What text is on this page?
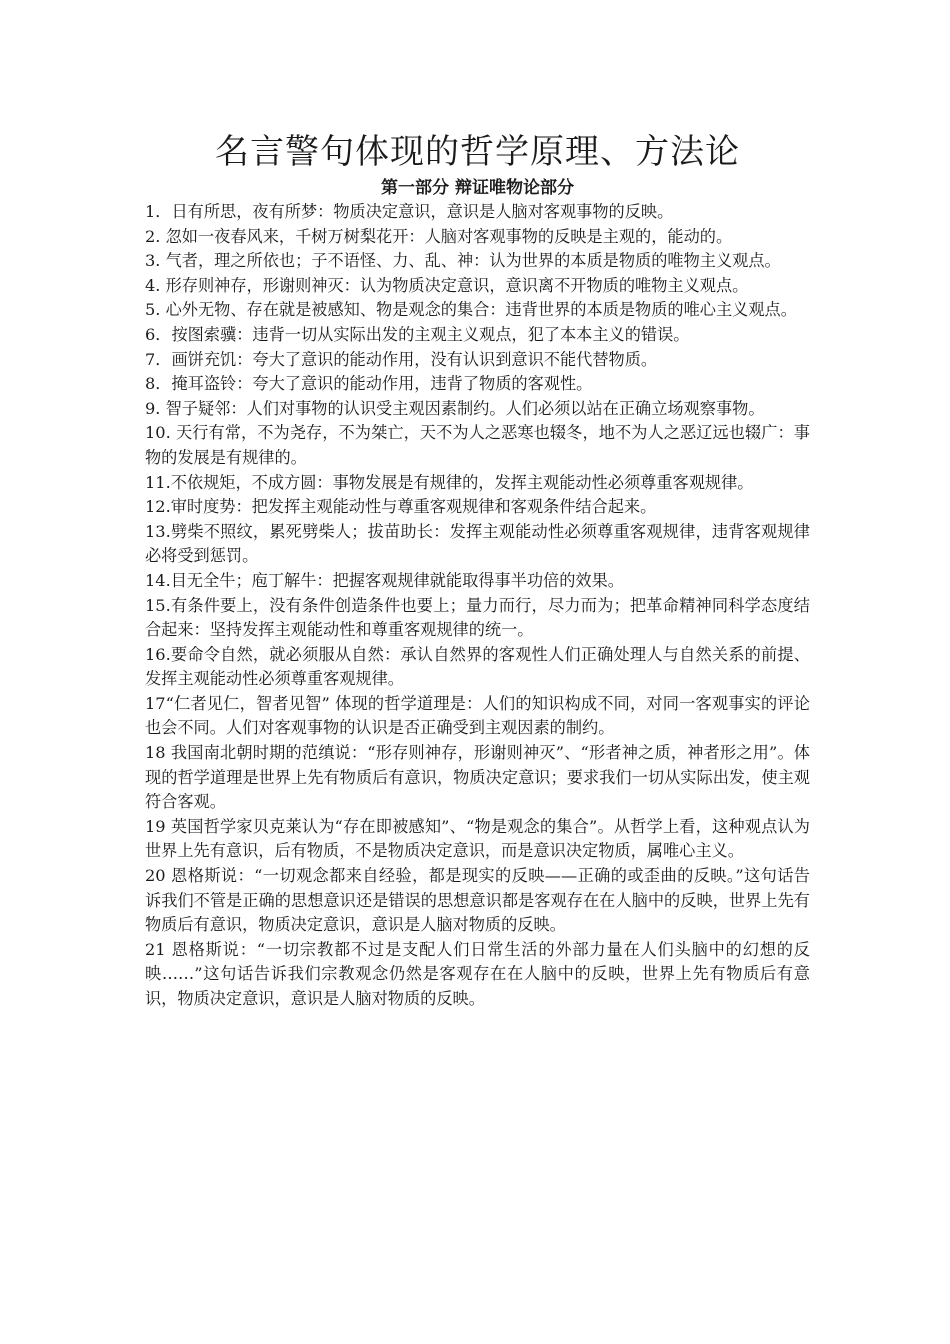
名言警句体现的哲学原理、方法论
第一部分 辩证唯物论部分

1．日有所思，夜有所梦：物质决定意识，意识是人脑对客观事物的反映。

2. 忽如一夜春风来，千树万树梨花开：人脑对客观事物的反映是主观的，能动的。

3. 气者，理之所依也；子不语怪、力、乱、神：认为世界的本质是物质的唯物主义观点。

4. 形存则神存，形谢则神灭：认为物质决定意识，意识离不开物质的唯物主义观点。

5. 心外无物、存在就是被感知、物是观念的集合：违背世界的本质是物质的唯心主义观点。

6．按图索骥：违背一切从实际出发的主观主义观点，犯了本本主义的错误。

7．画饼充饥：夸大了意识的能动作用，没有认识到意识不能代替物质。

8．掩耳盗铃：夸大了意识的能动作用，违背了物质的客观性。

9. 智子疑邻：人们对事物的认识受主观因素制约。人们必须以站在正确立场观察事物。

10. 天行有常，不为尧存，不为桀亡，天不为人之恶寒也辍冬，地不为人之恶辽远也辍广：事物的发展是有规律的。

11.不依规矩，不成方圆：事物发展是有规律的，发挥主观能动性必须尊重客观规律。

12.审时度势：把发挥主观能动性与尊重客观规律和客观条件结合起来。

13.劈柴不照纹，累死劈柴人；拔苗助长：发挥主观能动性必须尊重客观规律，违背客观规律必将受到惩罚。

14.目无全牛；庖丁解牛：把握客观规律就能取得事半功倍的效果。

15.有条件要上，没有条件创造条件也要上；量力而行，尽力而为；把革命精神同科学态度结合起来：坚持发挥主观能动性和尊重客观规律的统一。

16.要命令自然，就必须服从自然：承认自然界的客观性人们正确处理人与自然关系的前提、发挥主观能动性必须尊重客观规律。

17“仁者见仁，智者见智” 体现的哲学道理是：人们的知识构成不同，对同一客观事实的评论也会不同。人们对客观事物的认识是否正确受到主观因素的制约。

18 我国南北朝时期的范缜说：“形存则神存，形谢则神灭”、“形者神之质，神者形之用”。体现的哲学道理是世界上先有物质后有意识，物质决定意识；要求我们一切从实际出发，使主观符合客观。

19 英国哲学家贝克莱认为“存在即被感知”、“物是观念的集合”。从哲学上看，这种观点认为世界上先有意识，后有物质，不是物质决定意识，而是意识决定物质，属唯心主义。

20 恩格斯说：“一切观念都来自经验，都是现实的反映——正确的或歪曲的反映。”这句话告诉我们不管是正确的思想意识还是错误的思想意识都是客观存在在人脑中的反映，世界上先有物质后有意识，物质决定意识，意识是人脑对物质的反映。

21 恩格斯说：“一切宗教都不过是支配人们日常生活的外部力量在人们头脑中的幻想的反映……”这句话告诉我们宗教观念仍然是客观存在在人脑中的反映，世界上先有物质后有意识，物质决定意识，意识是人脑对物质的反映。
